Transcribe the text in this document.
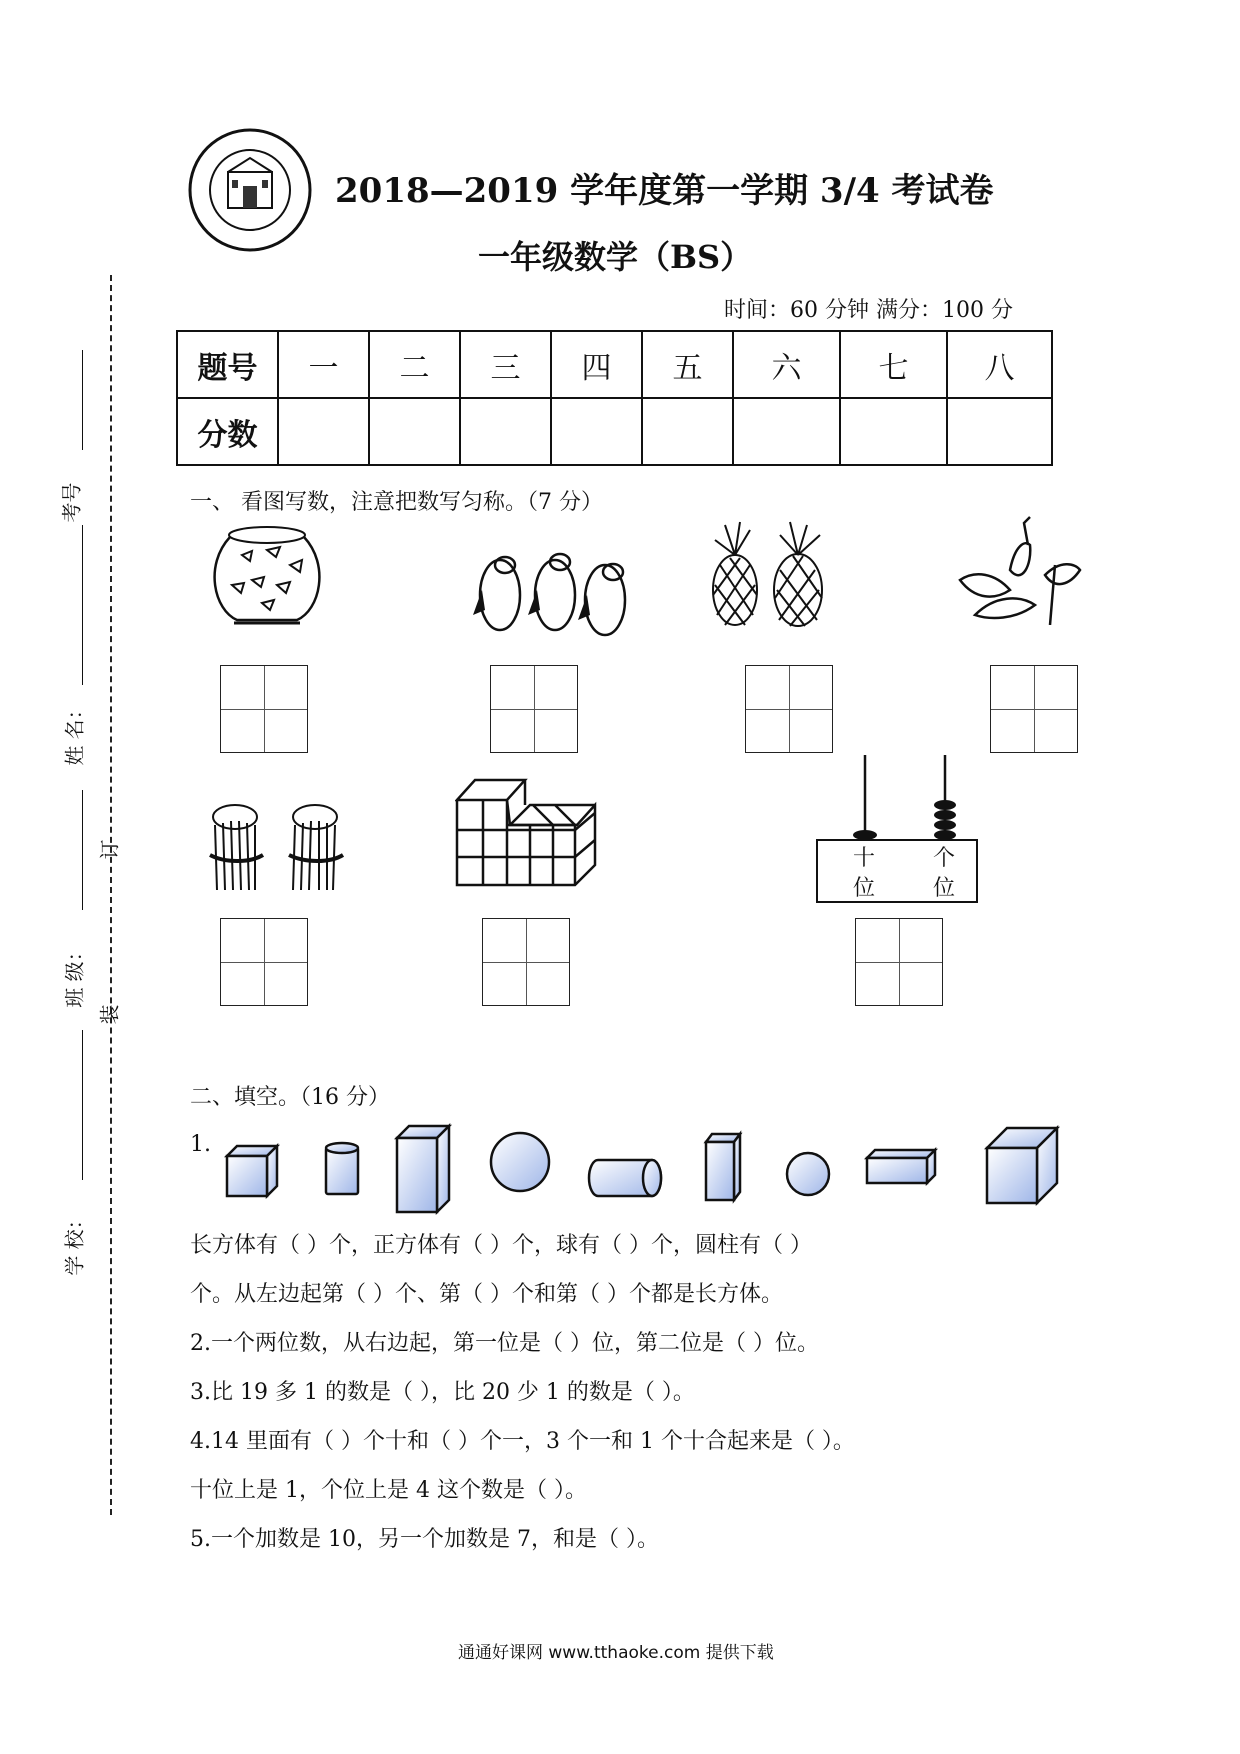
2018—2019 学年度第一学期 3/4 考试卷
一年级数学（BS）
时间：60 分钟 满分：100 分
题号	一	二	三	四	五	六	七	八
分数								
考号
姓 名：
班 级：
学 校：
订
装
一、 看图写数，注意把数写匀称。（7 分）
十
位
个
位
二、填空。（16 分）
1.
长方体有（ ）个，正方体有（ ）个，球有（ ）个，圆柱有（ ）
个。从左边起第（ ）个、第（ ）个和第（ ）个都是长方体。
2.一个两位数，从右边起，第一位是（ ）位，第二位是（ ）位。
3.比 19 多 1 的数是（ ），比 20 少 1 的数是（ ）。
4.14 里面有（ ）个十和（ ）个一，3 个一和 1 个十合起来是（ ）。
十位上是 1，个位上是 4 这个数是（ ）。
5.一个加数是 10，另一个加数是 7，和是（ ）。
通通好课网 www.tthaoke.com 提供下载
